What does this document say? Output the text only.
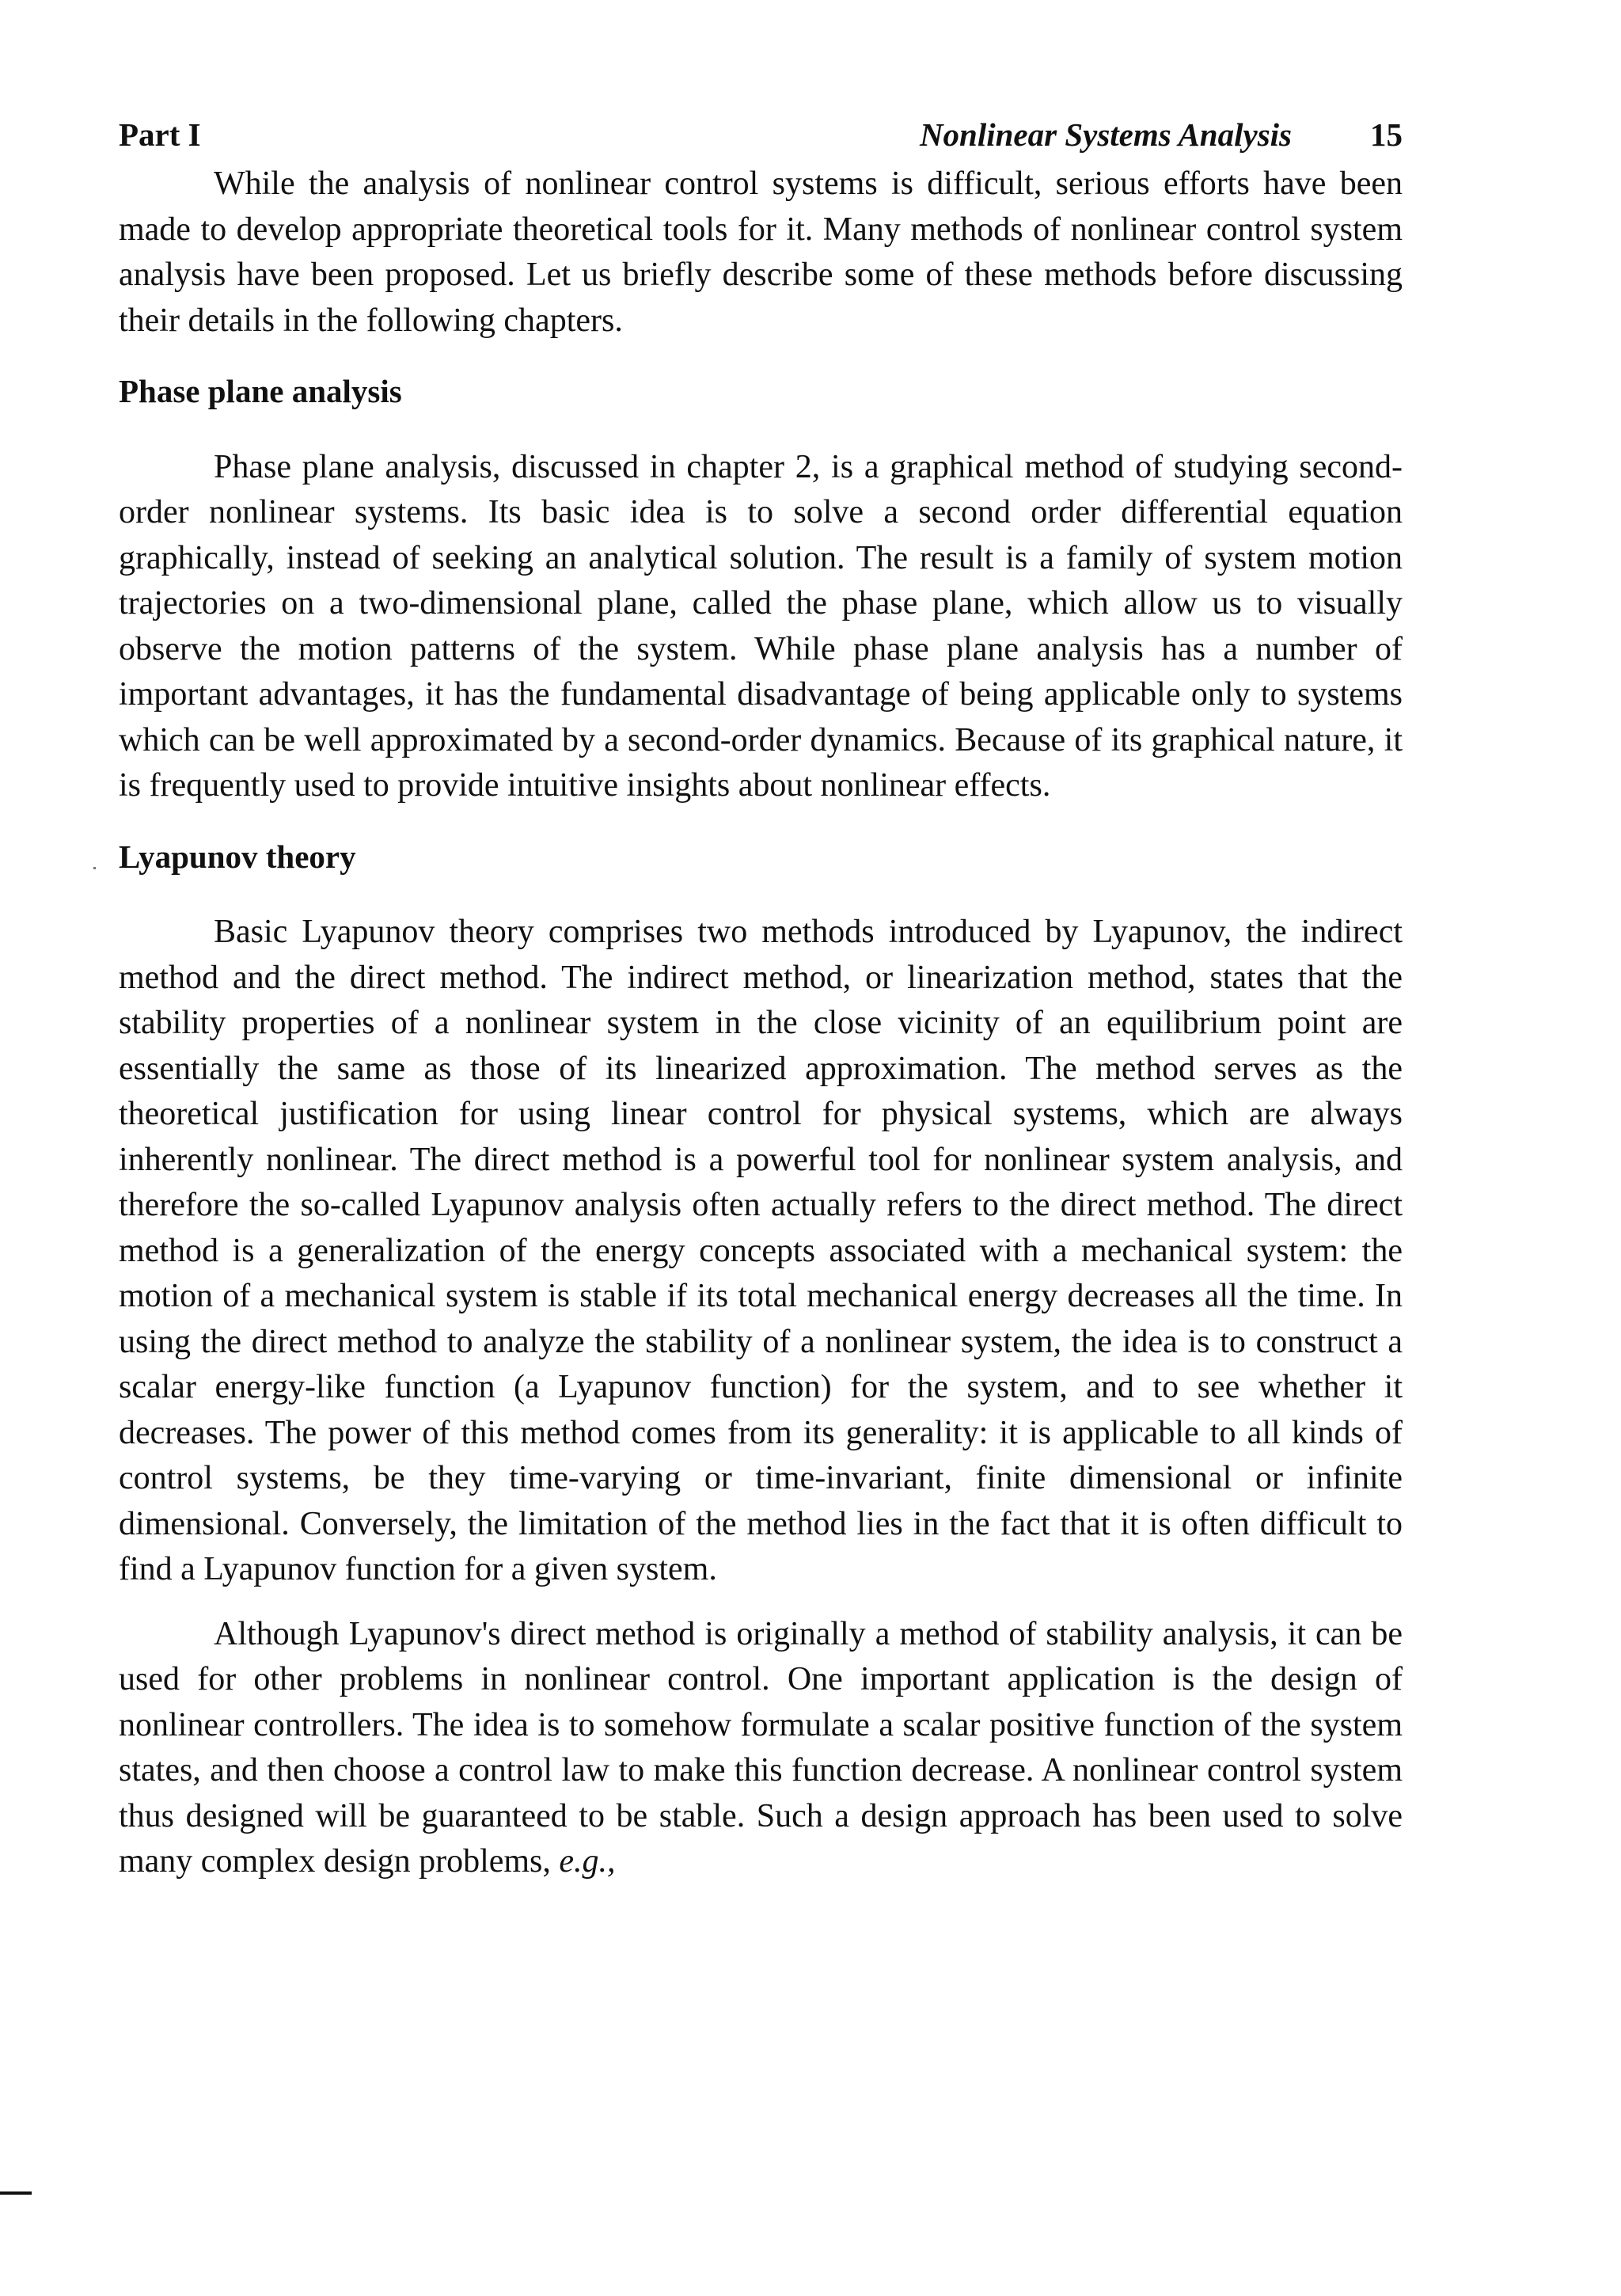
Part I	Nonlinear Systems Analysis 15

While the analysis of nonlinear control systems is difficult, serious efforts have been made to develop appropriate theoretical tools for it. Many methods of nonlinear control system analysis have been proposed. Let us briefly describe some of these methods before discussing their details in the following chapters.

Phase plane analysis

Phase plane analysis, discussed in chapter 2, is a graphical method of studying second-order nonlinear systems. Its basic idea is to solve a second order differential equation graphically, instead of seeking an analytical solution. The result is a family of system motion trajectories on a two-dimensional plane, called the phase plane, which allow us to visually observe the motion patterns of the system. While phase plane analysis has a number of important advantages, it has the fundamental disadvantage of being applicable only to systems which can be well approximated by a second-order dynamics. Because of its graphical nature, it is frequently used to provide intuitive insights about nonlinear effects.

Lyapunov theory

Basic Lyapunov theory comprises two methods introduced by Lyapunov, the indirect method and the direct method. The indirect method, or linearization method, states that the stability properties of a nonlinear system in the close vicinity of an equilibrium point are essentially the same as those of its linearized approximation. The method serves as the theoretical justification for using linear control for physical systems, which are always inherently nonlinear. The direct method is a powerful tool for nonlinear system analysis, and therefore the so-called Lyapunov analysis often actually refers to the direct method. The direct method is a generalization of the energy concepts associated with a mechanical system: the motion of a mechanical system is stable if its total mechanical energy decreases all the time. In using the direct method to analyze the stability of a nonlinear system, the idea is to construct a scalar energy-like function (a Lyapunov function) for the system, and to see whether it decreases. The power of this method comes from its generality: it is applicable to all kinds of control systems, be they time-varying or time-invariant, finite dimensional or infinite dimensional. Conversely, the limitation of the method lies in the fact that it is often difficult to find a Lyapunov function for a given system.

Although Lyapunov's direct method is originally a method of stability analysis, it can be used for other problems in nonlinear control. One important application is the design of nonlinear controllers. The idea is to somehow formulate a scalar positive function of the system states, and then choose a control law to make this function decrease. A nonlinear control system thus designed will be guaranteed to be stable. Such a design approach has been used to solve many complex design problems, e.g.,
